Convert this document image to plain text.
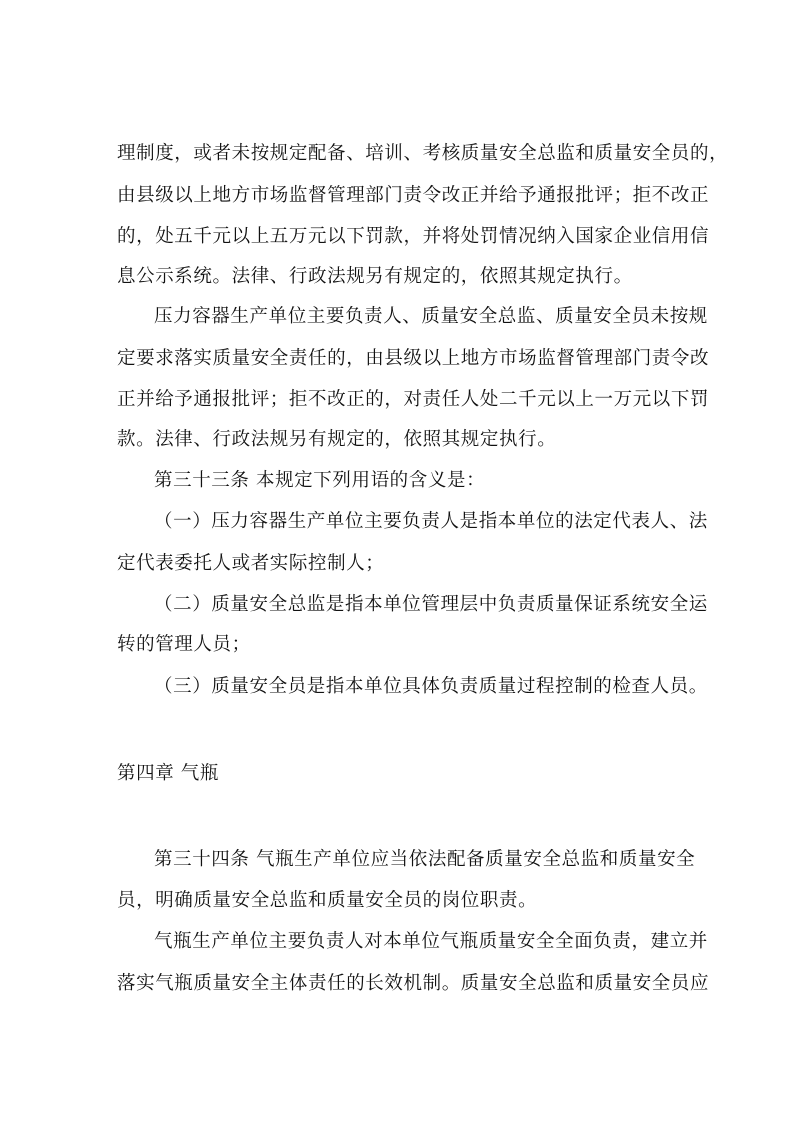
理制度，或者未按规定配备、培训、考核质量安全总监和质量安全员的，
由县级以上地方市场监督管理部门责令改正并给予通报批评；拒不改正
的，处五千元以上五万元以下罚款，并将处罚情况纳入国家企业信用信
息公示系统。法律、行政法规另有规定的，依照其规定执行。
压力容器生产单位主要负责人、质量安全总监、质量安全员未按规
定要求落实质量安全责任的，由县级以上地方市场监督管理部门责令改
正并给予通报批评；拒不改正的，对责任人处二千元以上一万元以下罚
款。法律、行政法规另有规定的，依照其规定执行。
第三十三条 本规定下列用语的含义是：
（一）压力容器生产单位主要负责人是指本单位的法定代表人、法
定代表委托人或者实际控制人；
（二）质量安全总监是指本单位管理层中负责质量保证系统安全运
转的管理人员；
（三）质量安全员是指本单位具体负责质量过程控制的检查人员。
第四章 气瓶
第三十四条 气瓶生产单位应当依法配备质量安全总监和质量安全
员，明确质量安全总监和质量安全员的岗位职责。
气瓶生产单位主要负责人对本单位气瓶质量安全全面负责，建立并
落实气瓶质量安全主体责任的长效机制。质量安全总监和质量安全员应
